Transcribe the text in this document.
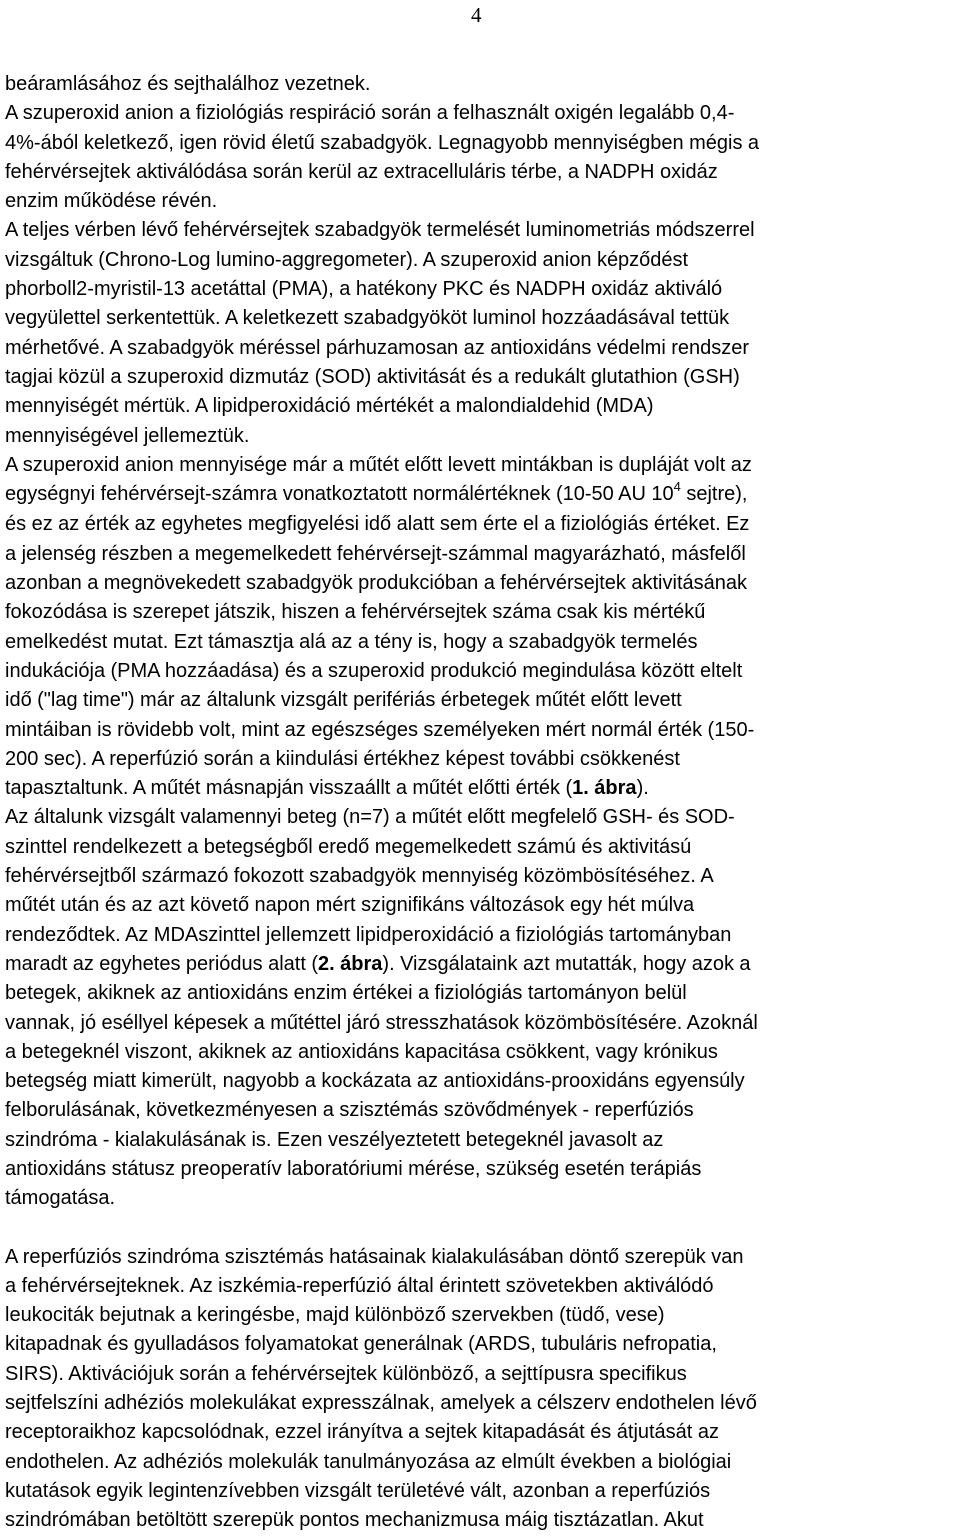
4

beáramlásához és sejthalálhoz vezetnek.
A szuperoxid anion a fiziológiás respiráció során a felhasznált oxigén legalább 0,4-
4%-ából keletkező, igen rövid életű szabadgyök. Legnagyobb mennyiségben mégis a
fehérvérsejtek aktiválódása során kerül az extracelluláris térbe, a NADPH oxidáz
enzim működése révén.
A teljes vérben lévő fehérvérsejtek szabadgyök termelését luminometriás módszerrel
vizsgáltuk (Chrono-Log lumino-aggregometer). A szuperoxid anion képződést
phorboll2-myristil-13 acetáttal (PMA), a hatékony PKC és NADPH oxidáz aktiváló
vegyülettel serkentettük. A keletkezett szabadgyököt luminol hozzáadásával tettük
mérhetővé. A szabadgyök méréssel párhuzamosan az antioxidáns védelmi rendszer
tagjai közül a szuperoxid dizmutáz (SOD) aktivitását és a redukált glutathion (GSH)
mennyiségét mértük. A lipidperoxidáció mértékét a malondialdehid (MDA)
mennyiségével jellemeztük.
A szuperoxid anion mennyisége már a műtét előtt levett mintákban is dupláját volt az

egységnyi fehérvérsejt-számra vonatkoztatott normálértéknek (10-50 AU $10^4$ sejtre),
és ez az érték az egyhetes megfigyelési idő alatt sem érte el a fiziológiás értéket. Ez
a jelenség részben a megemelkedett fehérvérsejt-számmal magyarázható, másfelől
azonban a megnövekedett szabadgyök produkcióban a fehérvérsejtek aktivitásának
fokozódása is szerepet játszik, hiszen a fehérvérsejtek száma csak kis mértékű
emelkedést mutat. Ezt támasztja alá az a tény is, hogy a szabadgyök termelés
indukációja (PMA hozzáadása) és a szuperoxid produkció megindulása között eltelt
idő ("lag time") már az általunk vizsgált perifériás érbetegek műtét előtt levett
mintáiban is rövidebb volt, mint az egészséges személyeken mért normál érték (150-
200 sec). A reperfúzió során a kiindulási értékhez képest további csökkenést
tapasztaltunk. A műtét másnapján visszaállt a műtét előtti érték (1. ábra).

Az általunk vizsgált valamennyi beteg (n=7) a műtét előtt megfelelő GSH- és SOD-
szinttel rendelkezett a betegségből eredő megemelkedett számú és aktivitású
fehérvérsejtből származó fokozott szabadgyök mennyiség közömbösítéséhez. A
műtét után és az azt követő napon mért szignifikáns változások egy hét múlva
rendeződtek. Az MDAszinttel jellemzett lipidperoxidáció a fiziológiás tartományban
maradt az egyhetes periódus alatt (2. ábra). Vizsgálataink azt mutatták, hogy azok a
betegek, akiknek az antioxidáns enzim értékei a fiziológiás tartományon belül
vannak, jó eséllyel képesek a műtéttel járó stresszhatások közömbösítésére. Azoknál
a betegeknél viszont, akiknek az antioxidáns kapacitása csökkent, vagy krónikus
betegség miatt kimerült, nagyobb a kockázata az antioxidáns-prooxidáns egyensúly
felborulásának, következményesen a szisztémás szövődmények - reperfúziós
szindróma - kialakulásának is. Ezen veszélyeztetett betegeknél javasolt az
antioxidáns státusz preoperatív laboratóriumi mérése, szükség esetén terápiás
támogatása.

A reperfúziós szindróma szisztémás hatásainak kialakulásában döntő szerepük van
a fehérvérsejteknek. Az iszkémia-reperfúzió által érintett szövetekben aktiválódó
leukociták bejutnak a keringésbe, majd különböző szervekben (tüdő, vese)
kitapadnak és gyulladásos folyamatokat generálnak (ARDS, tubuláris nefropatia,
SIRS). Aktivációjuk során a fehérvérsejtek különböző, a sejttípusra specifikus
sejtfelszíni adhéziós molekulákat expresszálnak, amelyek a célszerv endothelen lévő
receptoraikhoz kapcsolódnak, ezzel irányítva a sejtek kitapadását és átjutását az
endothelen. Az adhéziós molekulák tanulmányozása az elmúlt években a biológiai
kutatások egyik legintenzívebben vizsgált területévé vált, azonban a reperfúziós
szindrómában betöltött szerepük pontos mechanizmusa máig tisztázatlan. Akut
